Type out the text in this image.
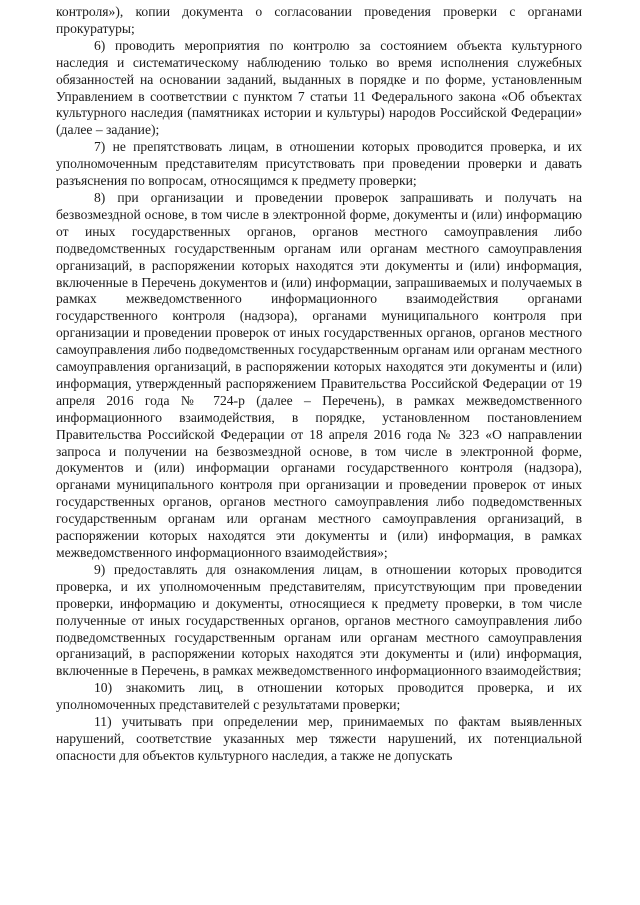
контроля»), копии документа о согласовании проведения проверки с органами прокуратуры;

6) проводить мероприятия по контролю за состоянием объекта культурного наследия и систематическому наблюдению только во время исполнения служебных обязанностей на основании заданий, выданных в порядке и по форме, установленным Управлением в соответствии с пунктом 7 статьи 11 Федерального закона «Об объектах культурного наследия (памятниках истории и культуры) народов Российской Федерации» (далее – задание);

7) не препятствовать лицам, в отношении которых проводится проверка, и их уполномоченным представителям присутствовать при проведении проверки и давать разъяснения по вопросам, относящимся к предмету проверки;

8) при организации и проведении проверок запрашивать и получать на безвозмездной основе, в том числе в электронной форме, документы и (или) информацию от иных государственных органов, органов местного самоуправления либо подведомственных государственным органам или органам местного самоуправления организаций, в распоряжении которых находятся эти документы и (или) информация, включенные в Перечень документов и (или) информации, запрашиваемых и получаемых в рамках межведомственного информационного взаимодействия органами государственного контроля (надзора), органами муниципального контроля при организации и проведении проверок от иных государственных органов, органов местного самоуправления либо подведомственных государственным органам или органам местного самоуправления организаций, в распоряжении которых находятся эти документы и (или) информация, утвержденный распоряжением Правительства Российской Федерации от 19 апреля 2016 года № 724-р (далее – Перечень), в рамках межведомственного информационного взаимодействия, в порядке, установленном постановлением Правительства Российской Федерации от 18 апреля 2016 года № 323 «О направлении запроса и получении на безвозмездной основе, в том числе в электронной форме, документов и (или) информации органами государственного контроля (надзора), органами муниципального контроля при организации и проведении проверок от иных государственных органов, органов местного самоуправления либо подведомственных государственным органам или органам местного самоуправления организаций, в распоряжении которых находятся эти документы и (или) информация, в рамках межведомственного информационного взаимодействия»;

9) предоставлять для ознакомления лицам, в отношении которых проводится проверка, и их уполномоченным представителям, присутствующим при проведении проверки, информацию и документы, относящиеся к предмету проверки, в том числе полученные от иных государственных органов, органов местного самоуправления либо подведомственных государственным органам или органам местного самоуправления организаций, в распоряжении которых находятся эти документы и (или) информация, включенные в Перечень, в рамках межведомственного информационного взаимодействия;

10) знакомить лиц, в отношении которых проводится проверка, и их уполномоченных представителей с результатами проверки;

11) учитывать при определении мер, принимаемых по фактам выявленных нарушений, соответствие указанных мер тяжести нарушений, их потенциальной опасности для объектов культурного наследия, а также не допускать
